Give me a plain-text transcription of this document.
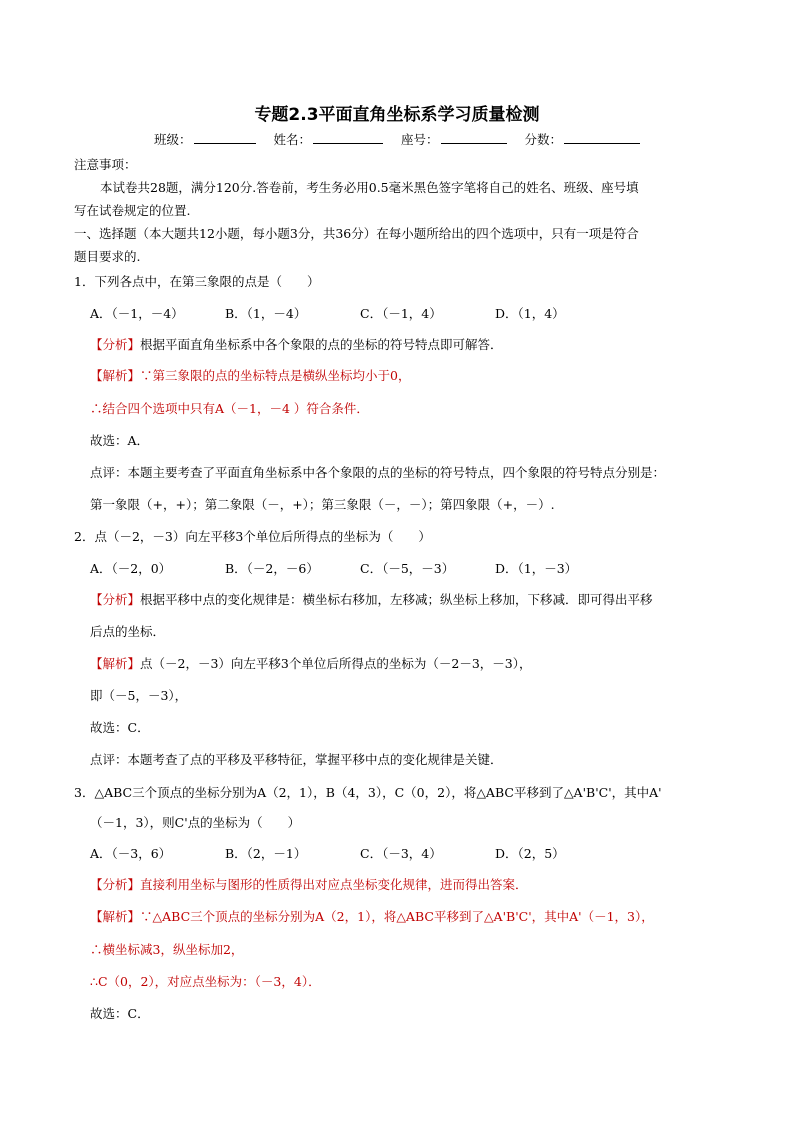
专题2.3平面直角坐标系学习质量检测
班级：	姓名：	座号：	分数：
注意事项：
本试卷共28题，满分120分.答卷前，考生务必用0.5毫米黑色签字笔将自己的姓名、班级、座号填
写在试卷规定的位置.
一、选择题（本大题共12小题，每小题3分，共36分）在每小题所给出的四个选项中，只有一项是符合
题目要求的.
1．下列各点中，在第三象限的点是（　　）
A．（－1，－4）	B．（1，－4）	C．（－1，4）	D．（1，4）
【分析】根据平面直角坐标系中各个象限的点的坐标的符号特点即可解答．
【解析】∵第三象限的点的坐标特点是横纵坐标均小于0，
∴结合四个选项中只有A（－1，－4 ）符合条件．
故选：A．
点评：本题主要考查了平面直角坐标系中各个象限的点的坐标的符号特点，四个象限的符号特点分别是：
第一象限（+，+）；第二象限（－，+）；第三象限（－，－）；第四象限（+，－）.
2．点（－2，－3）向左平移3个单位后所得点的坐标为（　　）
A．（－2，0）	B．（－2，－6）	C．（－5，－3）	D．（1，－3）
【分析】根据平移中点的变化规律是：横坐标右移加，左移减；纵坐标上移加，下移减．即可得出平移
后点的坐标．
【解析】点（－2，－3）向左平移3个单位后所得点的坐标为（－2－3，－3），
即（－5，－3），
故选：C．
点评：本题考查了点的平移及平移特征，掌握平移中点的变化规律是关键．
3．△ABC三个顶点的坐标分别为A（2，1），B（4，3），C（0，2），将△ABC平移到了△A'B'C'，其中A'
（－1，3），则C'点的坐标为（　　）
A．（－3，6）	B．（2，－1）	C．（－3，4）	D．（2，5）
【分析】直接利用坐标与图形的性质得出对应点坐标变化规律，进而得出答案．
【解析】∵△ABC三个顶点的坐标分别为A（2，1），将△ABC平移到了△A'B'C'，其中A'（－1，3），
∴横坐标减3，纵坐标加2，
∴C（0，2），对应点坐标为：（－3，4）．
故选：C．
